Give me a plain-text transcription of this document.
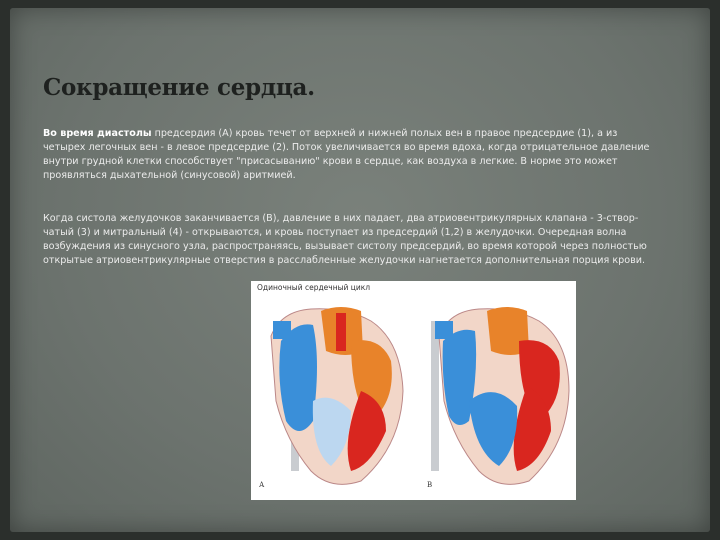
Сокращение сердца.

Во время диастолы предсердия (А) кровь течет от верхней и нижней полых вен в правое предсердие (1), а из четырех легочных вен - в левое предсердие (2). Поток увеличивается во время вдоха, когда отрицательное давление внутри грудной клетки способствует "присасыванию" крови в сердце, как воздуха в легкие. В норме это может проявляться дыхательной (синусовой) аритмией.

Когда систола желудочков заканчивается (В), давление в них падает, два атриовентрикулярных клапана - 3-створ-чатый (3) и митральный (4) - открываются, и кровь поступает из предсердий (1,2) в желудочки. Очередная волна возбуждения из синусного узла, распространяясь, вызывает систолу предсердий, во время которой через полностью открытые атриовентрикулярные отверстия в расслабленные желудочки нагнетается дополнительная порция крови.

Одиночный сердечный цикл
А	В
